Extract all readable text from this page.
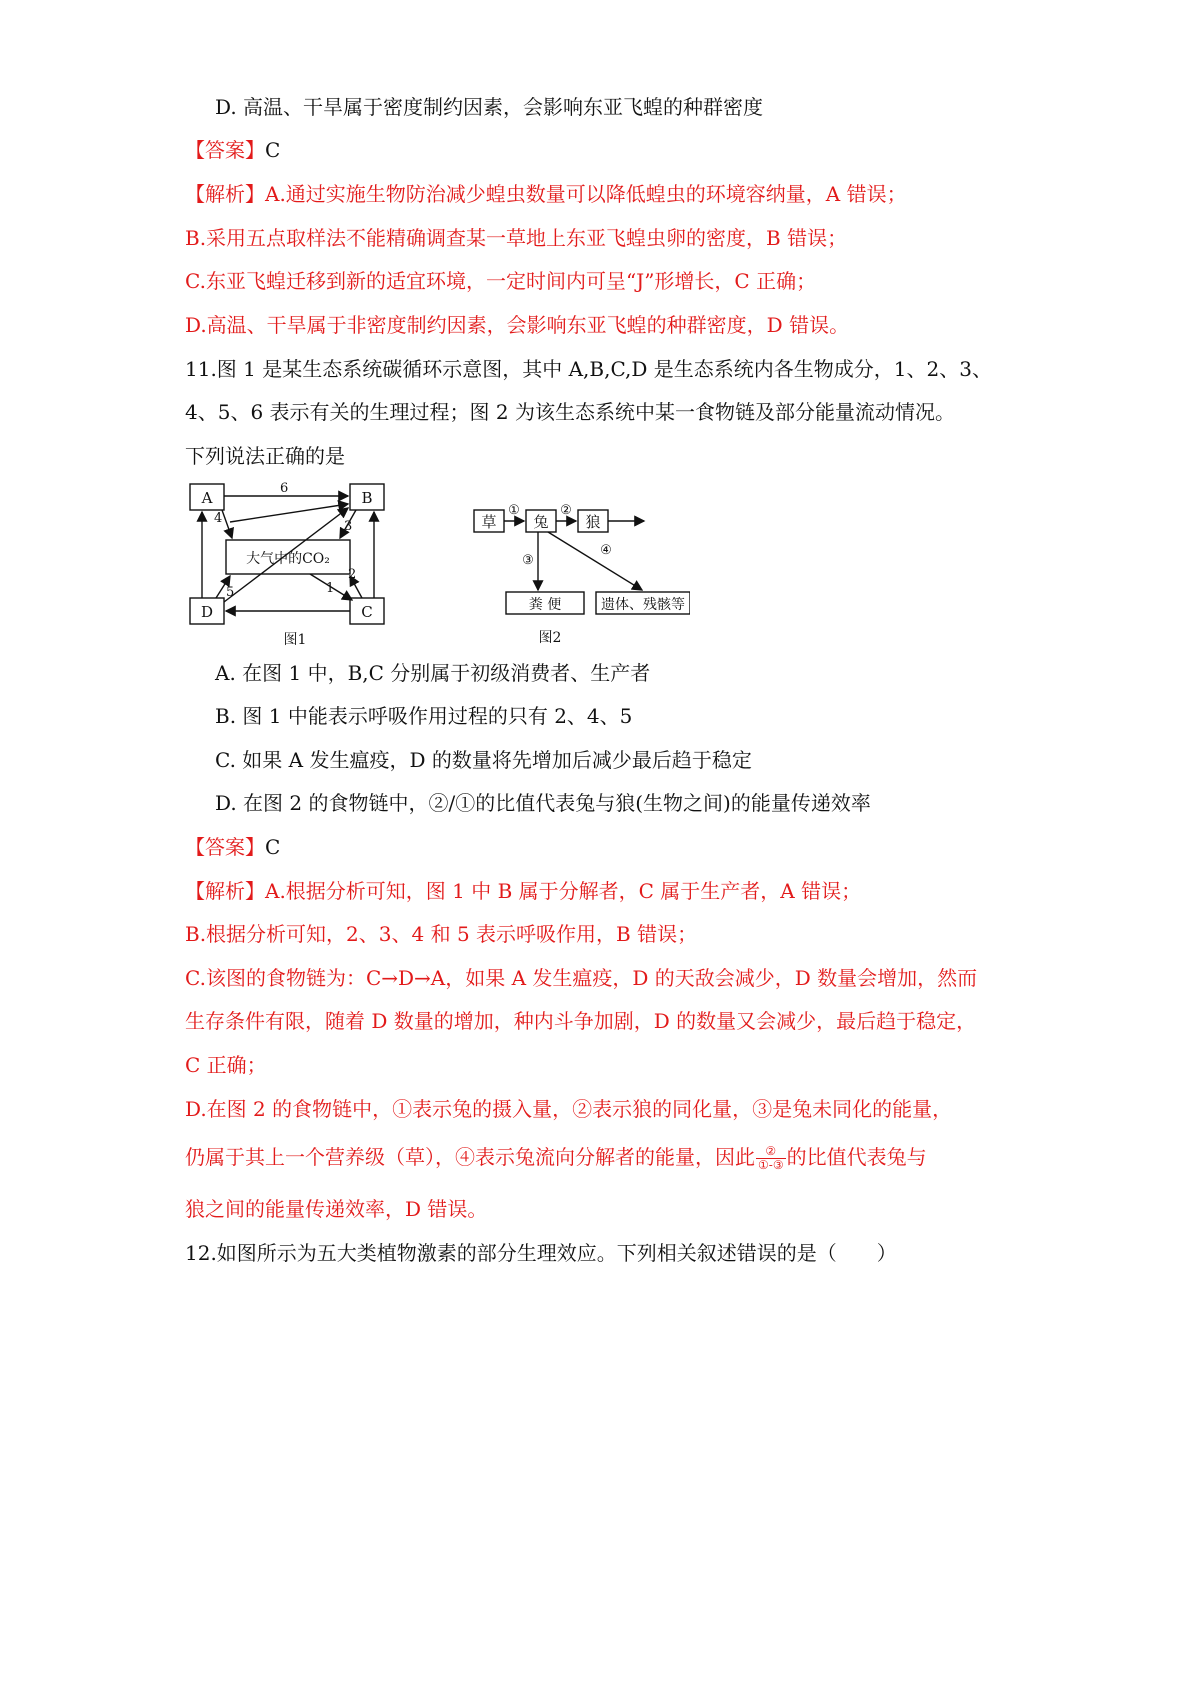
D. 高温、干旱属于密度制约因素，会影响东亚飞蝗的种群密度
【答案】C
【解析】A.通过实施生物防治减少蝗虫数量可以降低蝗虫的环境容纳量，A 错误；
B.采用五点取样法不能精确调查某一草地上东亚飞蝗虫卵的密度，B 错误；
C.东亚飞蝗迁移到新的适宜环境，一定时间内可呈“J”形增长，C 正确；
D.高温、干旱属于非密度制约因素，会影响东亚飞蝗的种群密度，D 错误。
11.图 1 是某生态系统碳循环示意图，其中 A,B,C,D 是生态系统内各生物成分，1、2、3、
4、5、6 表示有关的生理过程；图 2 为该生态系统中某一食物链及部分能量流动情况。
下列说法正确的是
A	B
C
D
大气中的CO₂
1
2
3
4
5
6
图1
草 兔 狼
粪 便	遗体、残骸等
①	②
③
④
图2
A. 在图 1 中，B,C 分别属于初级消费者、生产者
B. 图 1 中能表示呼吸作用过程的只有 2、4、5
C. 如果 A 发生瘟疫，D 的数量将先增加后减少最后趋于稳定
D. 在图 2 的食物链中，②/①的比值代表兔与狼(生物之间)的能量传递效率
【答案】C
【解析】A.根据分析可知，图 1 中 B 属于分解者，C 属于生产者，A 错误；
B.根据分析可知，2、3、4 和 5 表示呼吸作用，B 错误；
C.该图的食物链为：C→D→A，如果 A 发生瘟疫，D 的天敌会减少，D 数量会增加，然而
生存条件有限，随着 D 数量的增加，种内斗争加剧，D 的数量又会减少，最后趋于稳定，
C 正确；
D.在图 2 的食物链中，①表示兔的摄入量，②表示狼的同化量，③是兔未同化的能量，
仍属于其上一个营养级（草），④表示兔流向分解者的能量，因此 $\frac{\text{②}}{\text{①-③}}$ 的比值代表兔与
狼之间的能量传递效率，D 错误。
12.如图所示为五大类植物激素的部分生理效应。下列相关叙述错误的是（　　）
